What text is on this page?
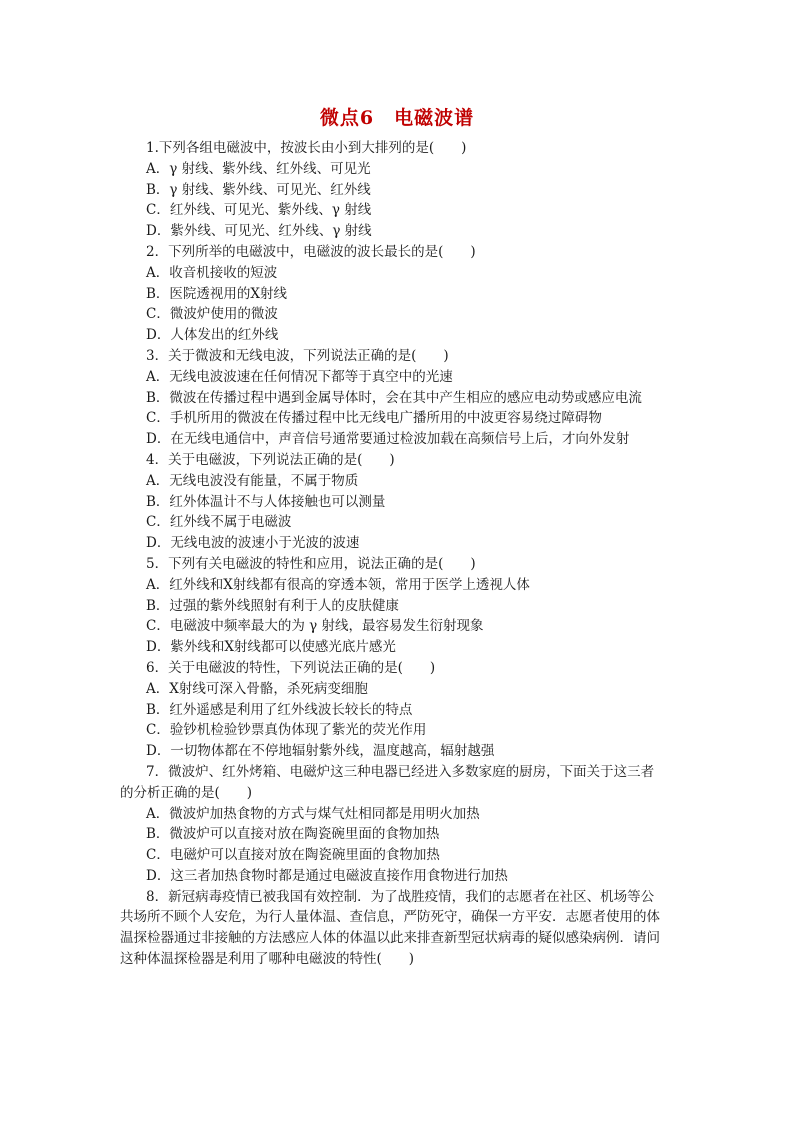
微点6　电磁波谱
1.下列各组电磁波中，按波长由小到大排列的是(　　)
A．γ 射线、紫外线、红外线、可见光
B．γ 射线、紫外线、可见光、红外线
C．红外线、可见光、紫外线、γ 射线
D．紫外线、可见光、红外线、γ 射线
2．下列所举的电磁波中，电磁波的波长最长的是(　　)
A．收音机接收的短波
B．医院透视用的X射线
C．微波炉使用的微波
D．人体发出的红外线
3．关于微波和无线电波，下列说法正确的是(　　)
A．无线电波波速在任何情况下都等于真空中的光速
B．微波在传播过程中遇到金属导体时，会在其中产生相应的感应电动势或感应电流
C．手机所用的微波在传播过程中比无线电广播所用的中波更容易绕过障碍物
D．在无线电通信中，声音信号通常要通过检波加载在高频信号上后，才向外发射
4．关于电磁波，下列说法正确的是(　　)
A．无线电波没有能量，不属于物质
B．红外体温计不与人体接触也可以测量
C．红外线不属于电磁波
D．无线电波的波速小于光波的波速
5．下列有关电磁波的特性和应用，说法正确的是(　　)
A．红外线和X射线都有很高的穿透本领，常用于医学上透视人体
B．过强的紫外线照射有利于人的皮肤健康
C．电磁波中频率最大的为 γ 射线，最容易发生衍射现象
D．紫外线和X射线都可以使感光底片感光
6．关于电磁波的特性，下列说法正确的是(　　)
A．X射线可深入骨骼，杀死病变细胞
B．红外遥感是利用了红外线波长较长的特点
C．验钞机检验钞票真伪体现了紫光的荧光作用
D．一切物体都在不停地辐射紫外线，温度越高，辐射越强
7．微波炉、红外烤箱、电磁炉这三种电器已经进入多数家庭的厨房，下面关于这三者
的分析正确的是(　　)
A．微波炉加热食物的方式与煤气灶相同都是用明火加热
B．微波炉可以直接对放在陶瓷碗里面的食物加热
C．电磁炉可以直接对放在陶瓷碗里面的食物加热
D．这三者加热食物时都是通过电磁波直接作用食物进行加热
8．新冠病毒疫情已被我国有效控制．为了战胜疫情，我们的志愿者在社区、机场等公
共场所不顾个人安危，为行人量体温、查信息，严防死守，确保一方平安．志愿者使用的体
温探检器通过非接触的方法感应人体的体温以此来排查新型冠状病毒的疑似感染病例．请问
这种体温探检器是利用了哪种电磁波的特性(　　)
